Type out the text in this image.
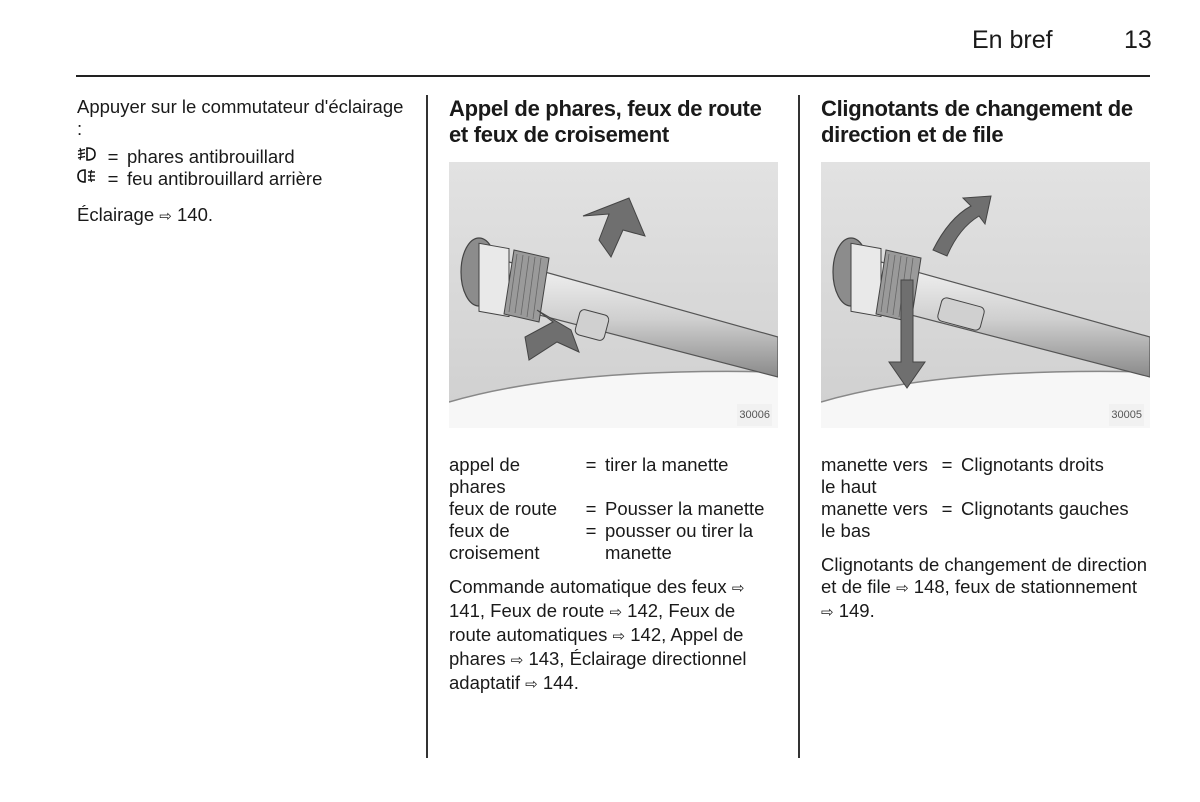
En bref	13

Appuyer sur le commutateur d'éclairage :

= phares antibrouillard
= feu antibrouillard arrière

Éclairage ⇨ 140.

Appel de phares, feux de route et feux de croisement
30006
appel de phares	=	tirer la manette
feux de route	=	Pousser la manette
feux de croisement	=	pousser ou tirer la manette

Commande automatique des feux ⇨ 141, Feux de route ⇨ 142, Feux de route automatiques ⇨ 142, Appel de phares ⇨ 143, Éclairage directionnel adaptatif ⇨ 144.

Clignotants de changement de direction et de file
30005
manette vers le haut	=	Clignotants droits
manette vers le bas	=	Clignotants gauches

Clignotants de changement de direction et de file ⇨ 148, feux de stationnement ⇨ 149.
